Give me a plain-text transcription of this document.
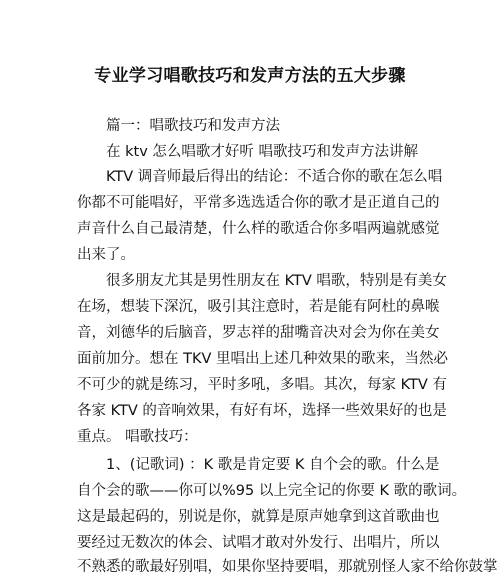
专业学习唱歌技巧和发声方法的五大步骤
篇一：唱歌技巧和发声方法
在 ktv 怎么唱歌才好听 唱歌技巧和发声方法讲解
KTV 调音师最后得出的结论：不适合你的歌在怎么唱
你都不可能唱好，平常多选选适合你的歌才是正道自己的
声音什么自己最清楚，什么样的歌适合你多唱两遍就感觉
出来了。
很多朋友尤其是男性朋友在 KTV 唱歌，特别是有美女
在场，想装下深沉，吸引其注意时，若是能有阿杜的鼻喉
音，刘德华的后脑音，罗志祥的甜嘴音决对会为你在美女
面前加分。想在 TKV 里唱出上述几种效果的歌来，当然必
不可少的就是练习，平时多吼，多唱。其次，每家 KTV 有
各家 KTV 的音响效果，有好有坏，选择一些效果好的也是
重点。 唱歌技巧：
1、(记歌词) ：K 歌是肯定要 K 自个会的歌。什么是
自个会的歌——你可以%95 以上完全记的你要 K 歌的歌词。
这是最起码的，别说是你，就算是原声她拿到这首歌曲也
要经过无数次的体会、试唱才敢对外发行、出唱片，所以
不熟悉的歌最好别唱，如果你坚持要唱，那就别怪人家不给你鼓掌
